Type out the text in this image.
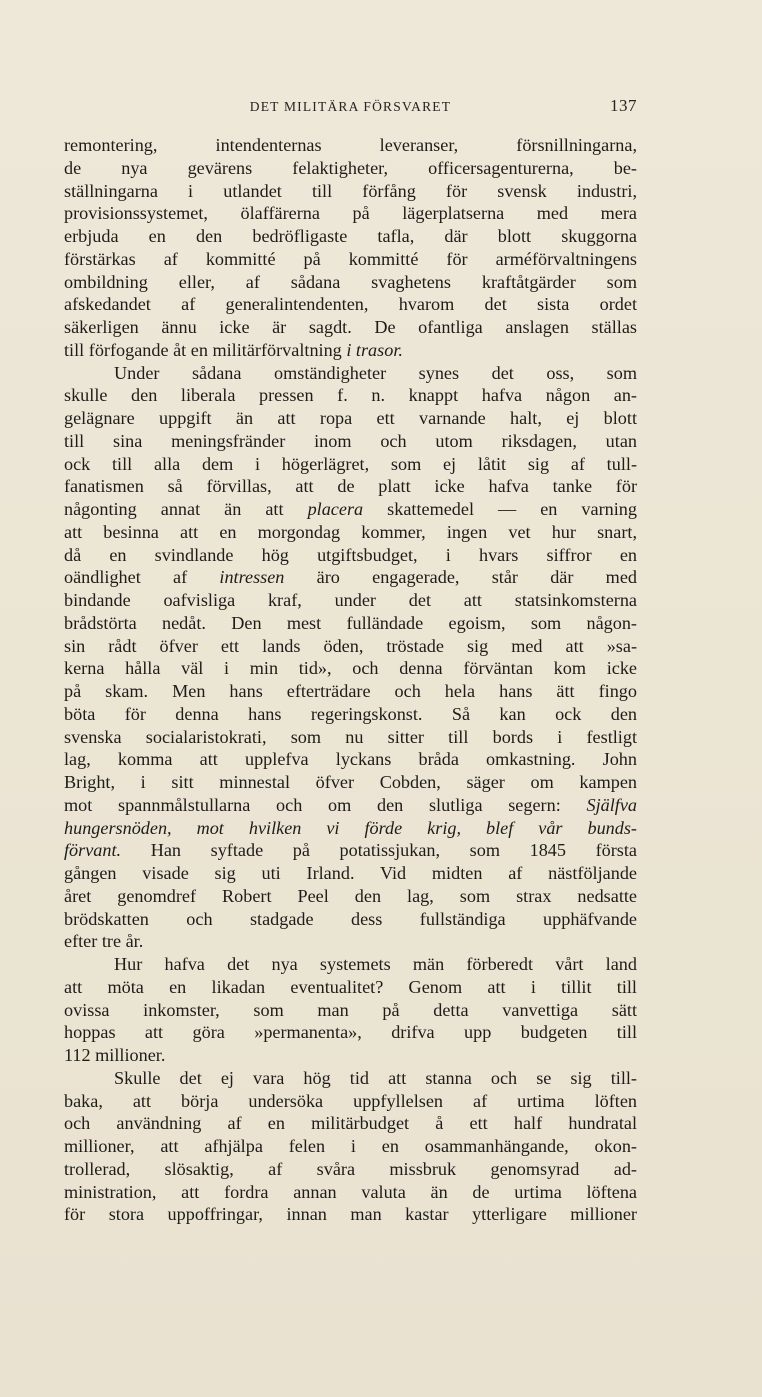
DET MILITÄRA FÖRSVARET	137
remontering, intendenternas leveranser, försnillningarna,
de nya gevärens felaktigheter, officersagenturerna, be-
ställningarna i utlandet till förfång för svensk industri,
provisionssystemet, ölaffärerna på lägerplatserna med mera
erbjuda en den bedröfligaste tafla, där blott skuggorna
förstärkas af kommitté på kommitté för arméförvaltningens
ombildning eller, af sådana svaghetens kraftåtgärder som
afskedandet af generalintendenten, hvarom det sista ordet
säkerligen ännu icke är sagdt. De ofantliga anslagen ställas
till förfogande åt en militärförvaltning i trasor.
Under sådana omständigheter synes det oss, som
skulle den liberala pressen f. n. knappt hafva någon an-
gelägnare uppgift än att ropa ett varnande halt, ej blott
till sina meningsfränder inom och utom riksdagen, utan
ock till alla dem i högerlägret, som ej låtit sig af tull-
fanatismen så förvillas, att de platt icke hafva tanke för
någonting annat än att placera skattemedel — en varning
att besinna att en morgondag kommer, ingen vet hur snart,
då en svindlande hög utgiftsbudget, i hvars siffror en
oändlighet af intressen äro engagerade, står där med
bindande oafvisliga kraf, under det att statsinkomsterna
brådstörta nedåt. Den mest fulländade egoism, som någon-
sin rådt öfver ett lands öden, tröstade sig med att »sa-
kerna hålla väl i min tid», och denna förväntan kom icke
på skam. Men hans efterträdare och hela hans ätt fingo
böta för denna hans regeringskonst. Så kan ock den
svenska socialaristokrati, som nu sitter till bords i festligt
lag, komma att upplefva lyckans bråda omkastning. John
Bright, i sitt minnestal öfver Cobden, säger om kampen
mot spannmålstullarna och om den slutliga segern: Själfva
hungersnöden, mot hvilken vi förde krig, blef vår bunds-
förvant. Han syftade på potatissjukan, som 1845 första
gången visade sig uti Irland. Vid midten af nästföljande
året genomdref Robert Peel den lag, som strax nedsatte
brödskatten och stadgade dess fullständiga upphäfvande
efter tre år.
Hur hafva det nya systemets män förberedt vårt land
att möta en likadan eventualitet? Genom att i tillit till
ovissa inkomster, som man på detta vanvettiga sätt
hoppas att göra »permanenta», drifva upp budgeten till
112 millioner.
Skulle det ej vara hög tid att stanna och se sig till-
baka, att börja undersöka uppfyllelsen af urtima löften
och användning af en militärbudget å ett half hundratal
millioner, att afhjälpa felen i en osammanhängande, okon-
trollerad, slösaktig, af svåra missbruk genomsyrad ad-
ministration, att fordra annan valuta än de urtima löftena
för stora uppoffringar, innan man kastar ytterligare millioner
